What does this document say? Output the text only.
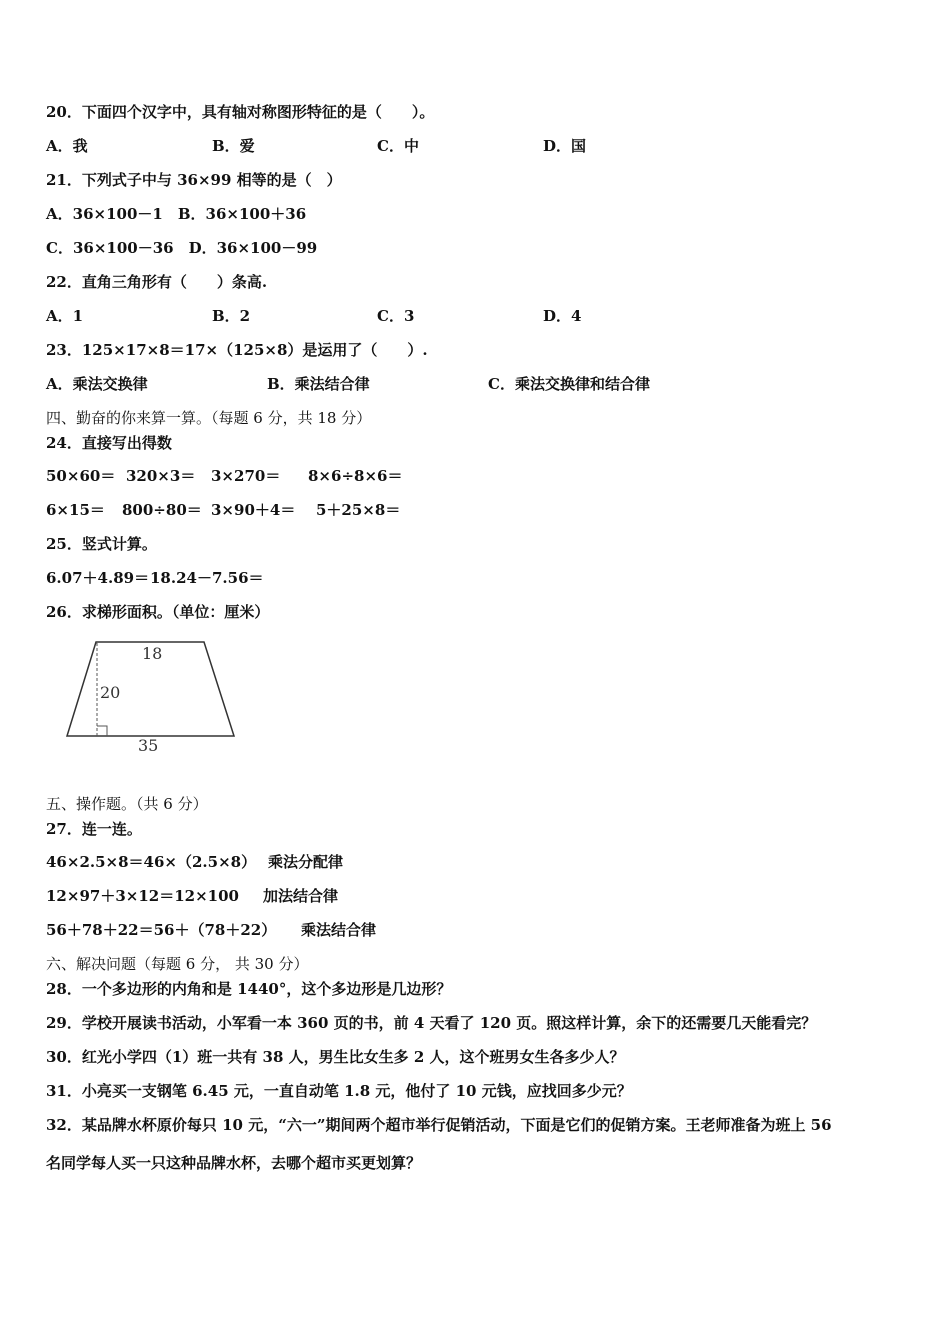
20．下面四个汉字中，具有轴对称图形特征的是（　　）。
A．我	B．爱	C．中	D．国
21．下列式子中与 36×99 相等的是（　）
A．36×100－1　B．36×100＋36
C．36×100－36　D．36×100－99
22．直角三角形有（　　）条高.
A．1	B．2	C．3	D．4
23．125×17×8＝17×（125×8）是运用了（　　）.
A．乘法交换律	B．乘法结合律	C．乘法交换律和结合律
四、勤奋的你来算一算。（每题 6 分，共 18 分）
24．直接写出得数
50×60＝ 320×3＝ 3×270＝ 8×6÷8×6＝
6×15＝ 800÷80＝ 3×90＋4＝ 5＋25×8＝
25．竖式计算。
6.07＋4.89＝ 18.24－7.56＝
26．求梯形面积。（单位：厘米）
18
20
35
五、操作题。（共 6 分）
27．连一连。
46×2.5×8＝46×（2.5×8） 乘法分配律
12×97＋3×12＝12×100 加法结合律
56＋78＋22＝56＋（78＋22） 乘法结合律
六、解决问题（每题 6 分， 共 30 分）
28．一个多边形的内角和是 1440°，这个多边形是几边形？
29．学校开展读书活动，小军看一本 360 页的书，前 4 天看了 120 页。照这样计算，余下的还需要几天能看完？
30．红光小学四（1）班一共有 38 人，男生比女生多 2 人，这个班男女生各多少人？
31．小亮买一支钢笔 6.45 元，一直自动笔 1.8 元，他付了 10 元钱，应找回多少元？
32．某品牌水杯原价每只 10 元，“六一”期间两个超市举行促销活动，下面是它们的促销方案。王老师准备为班上 56
名同学每人买一只这种品牌水杯，去哪个超市买更划算？
